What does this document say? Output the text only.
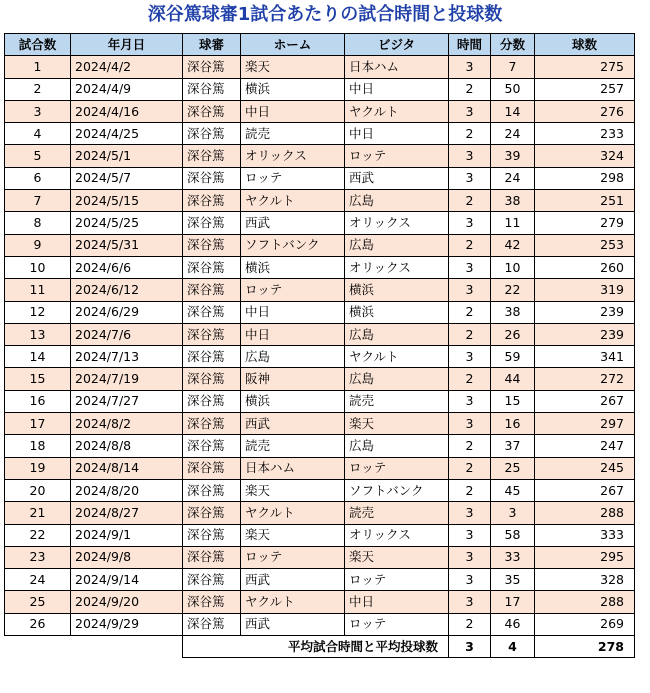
深谷篤球審1試合あたりの試合時間と投球数
試合数	年月日	球審	ホーム	ビジタ	時間	分数	球数
1	2024/4/2	深谷篤	楽天	日本ハム	3	7	275
2	2024/4/9	深谷篤	横浜	中日	2	50	257
3	2024/4/16	深谷篤	中日	ヤクルト	3	14	276
4	2024/4/25	深谷篤	読売	中日	2	24	233
5	2024/5/1	深谷篤	オリックス	ロッテ	3	39	324
6	2024/5/7	深谷篤	ロッテ	西武	3	24	298
7	2024/5/15	深谷篤	ヤクルト	広島	2	38	251
8	2024/5/25	深谷篤	西武	オリックス	3	11	279
9	2024/5/31	深谷篤	ソフトバンク	広島	2	42	253
10	2024/6/6	深谷篤	横浜	オリックス	3	10	260
11	2024/6/12	深谷篤	ロッテ	横浜	3	22	319
12	2024/6/29	深谷篤	中日	横浜	2	38	239
13	2024/7/6	深谷篤	中日	広島	2	26	239
14	2024/7/13	深谷篤	広島	ヤクルト	3	59	341
15	2024/7/19	深谷篤	阪神	広島	2	44	272
16	2024/7/27	深谷篤	横浜	読売	3	15	267
17	2024/8/2	深谷篤	西武	楽天	3	16	297
18	2024/8/8	深谷篤	読売	広島	2	37	247
19	2024/8/14	深谷篤	日本ハム	ロッテ	2	25	245
20	2024/8/20	深谷篤	楽天	ソフトバンク	2	45	267
21	2024/8/27	深谷篤	ヤクルト	読売	3	3	288
22	2024/9/1	深谷篤	楽天	オリックス	3	58	333
23	2024/9/8	深谷篤	ロッテ	楽天	3	33	295
24	2024/9/14	深谷篤	西武	ロッテ	3	35	328
25	2024/9/20	深谷篤	ヤクルト	中日	3	17	288
26	2024/9/29	深谷篤	西武	ロッテ	2	46	269
		平均試合時間と平均投球数			3	4	278
